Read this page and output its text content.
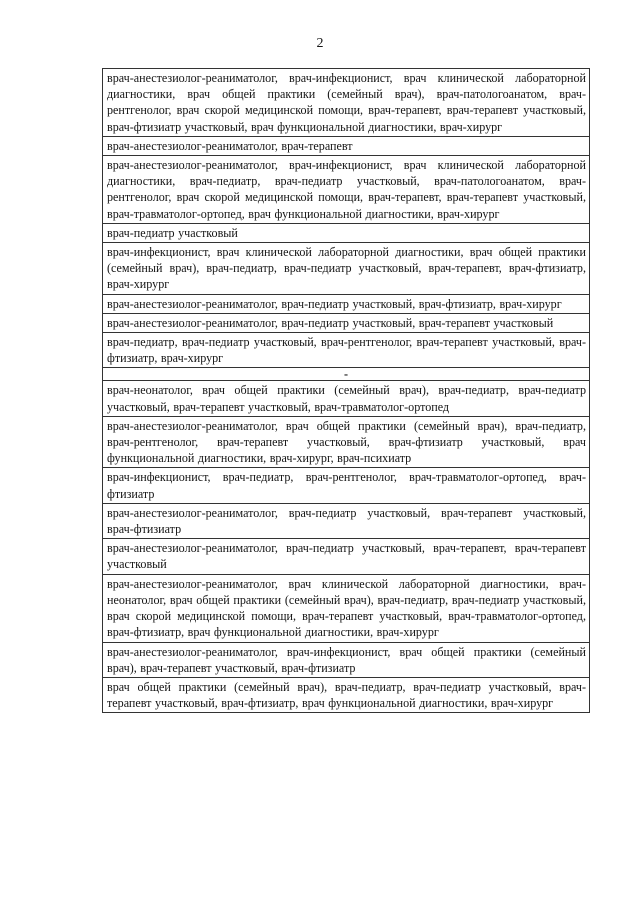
2
врач-анестезиолог-реаниматолог, врач-инфекционист, врач клинической лабораторной диагностики, врач общей практики (семейный врач), врач-патологоанатом, врач-рентгенолог, врач скорой медицинской помощи, врач-терапевт, врач-терапевт участковый, врач-фтизиатр участковый, врач функциональной диагностики, врач-хирург
врач-анестезиолог-реаниматолог, врач-терапевт
врач-анестезиолог-реаниматолог, врач-инфекционист, врач клинической лабораторной диагностики, врач-педиатр, врач-педиатр участковый, врач-патологоанатом, врач-рентгенолог, врач скорой медицинской помощи, врач-терапевт, врач-терапевт участковый, врач-травматолог-ортопед, врач функциональной диагностики, врач-хирург
врач-педиатр участковый
врач-инфекционист, врач клинической лабораторной диагностики, врач общей практики (семейный врач), врач-педиатр, врач-педиатр участковый, врач-терапевт, врач-фтизиатр, врач-хирург
врач-анестезиолог-реаниматолог, врач-педиатр участковый, врач-фтизиатр, врач-хирург
врач-анестезиолог-реаниматолог, врач-педиатр участковый, врач-терапевт участковый
врач-педиатр, врач-педиатр участковый, врач-рентгенолог, врач-терапевт участковый, врач-фтизиатр, врач-хирург
-
врач-неонатолог, врач общей практики (семейный врач), врач-педиатр, врач-педиатр участковый, врач-терапевт участковый, врач-травматолог-ортопед
врач-анестезиолог-реаниматолог, врач общей практики (семейный врач), врач-педиатр, врач-рентгенолог, врач-терапевт участковый, врач-фтизиатр участковый, врач функциональной диагностики, врач-хирург, врач-психиатр
врач-инфекционист, врач-педиатр, врач-рентгенолог, врач-травматолог-ортопед, врач-фтизиатр
врач-анестезиолог-реаниматолог, врач-педиатр участковый, врач-терапевт участковый, врач-фтизиатр
врач-анестезиолог-реаниматолог, врач-педиатр участковый, врач-терапевт, врач-терапевт участковый
врач-анестезиолог-реаниматолог, врач клинической лабораторной диагностики, врач-неонатолог, врач общей практики (семейный врач), врач-педиатр, врач-педиатр участковый, врач скорой медицинской помощи, врач-терапевт участковый, врач-травматолог-ортопед, врач-фтизиатр, врач функциональной диагностики, врач-хирург
врач-анестезиолог-реаниматолог, врач-инфекционист, врач общей практики (семейный врач), врач-терапевт участковый, врач-фтизиатр
врач общей практики (семейный врач), врач-педиатр, врач-педиатр участковый, врач-терапевт участковый, врач-фтизиатр, врач функциональной диагностики, врач-хирург
